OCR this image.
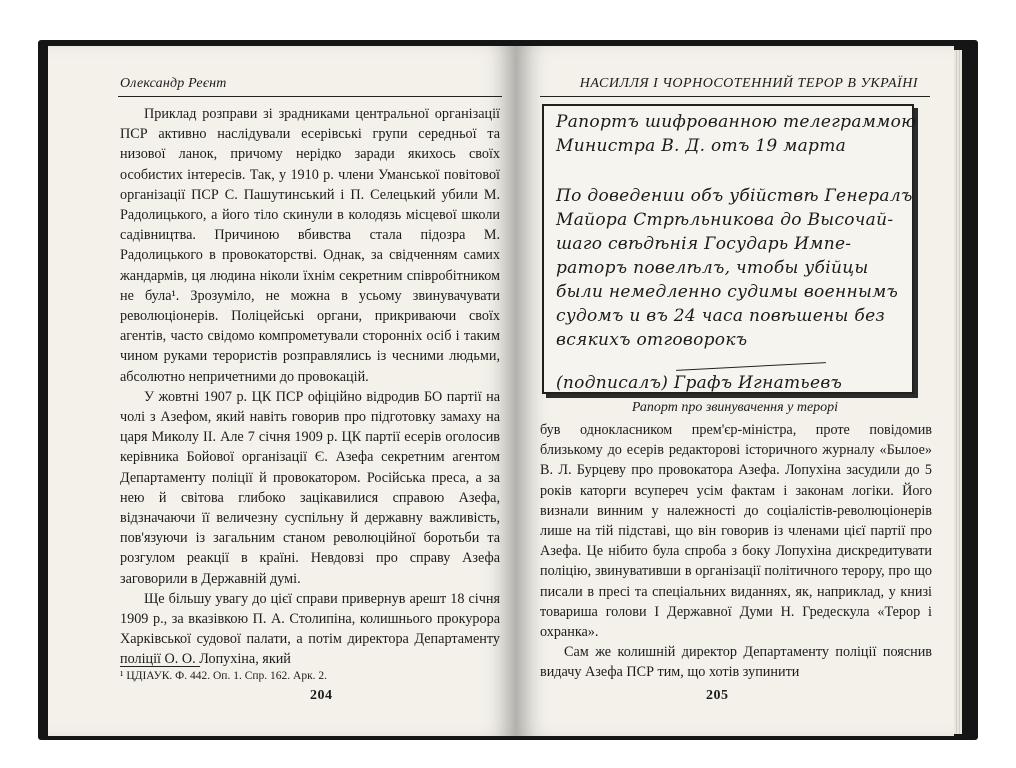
Олександр Реєнт

Приклад розправи зі зрадниками центральної організації ПСР активно наслідували есерівські групи середньої та низової ланок, причому нерідко заради якихось своїх особистих інтересів. Так, у 1910 р. члени Уманської повітової організації ПСР С. Пашутинський і П. Селецький убили М. Радолицького, а його тіло скинули в колодязь місцевої школи садівництва. Причиною вбивства стала підозра М. Радолицького в провокаторстві. Однак, за свідченням самих жандармів, ця людина ніколи їхнім секретним співробітником не була¹. Зрозуміло, не можна в усьому звинувачувати революціонерів. Поліцейські органи, прикриваючи своїх агентів, часто свідомо компрометували сторонніх осіб і таким чином руками терористів розправлялись із чесними людьми, абсолютно непричетними до провокацій.

У жовтні 1907 р. ЦК ПСР офіційно відродив БО партії на чолі з Азефом, який навіть говорив про підготовку замаху на царя Миколу ІІ. Але 7 січня 1909 р. ЦК партії есерів оголосив керівника Бойової організації Є. Азефа секретним агентом Департаменту поліції й провокатором. Російська преса, а за нею й світова глибоко зацікавилися справою Азефа, відзначаючи її величезну суспільну й державну важливість, пов'язуючи із загальним станом революційної боротьби та розгулом реакції в країні. Невдовзі про справу Азефа заговорили в Державній думі.

Ще більшу увагу до цієї справи привернув арешт 18 січня 1909 р., за вказівкою П. А. Столипіна, колишнього прокурора Харківської судової палати, а потім директора Департаменту поліції О. О. Лопухіна, який

¹ ЦДІАУК. Ф. 442. Оп. 1. Спр. 162. Арк. 2.
204
НАСИЛЛЯ І ЧОРНОСОТЕННИЙ ТЕРОР В УКРАЇНІ
Рапортъ шифрованною телеграммою
Министра В. Д. отъ 19 марта
По доведении объ убійствѣ Генералъ
Майора Стрѣльникова до Высочай-
шаго свѣдѣнія Государь Импе-
раторъ повелѣлъ, чтобы убійцы
были немедленно судимы военнымъ
судомъ и въ 24 часа повѣшены без
всякихъ отговорокъ
(подписалъ) Графъ Игнатьевъ
Рапорт про звинувачення у терорі

був однокласником прем'єр-міністра, проте повідомив близькому до есерів редакторові історичного журналу «Былое» В. Л. Бурцеву про провокатора Азефа. Лопухіна засудили до 5 років каторги всупереч усім фактам і законам логіки. Його визнали винним у належності до соціалістів-революціонерів лише на тій підставі, що він говорив із членами цієї партії про Азефа. Це нібито була спроба з боку Лопухіна дискредитувати поліцію, звинувативши в організації політичного терору, про що писали в пресі та спеціальних виданнях, як, наприклад, у книзі товариша голови І Державної Думи Н. Гредескула «Терор і охранка».

Сам же колишній директор Департаменту поліції пояснив видачу Азефа ПСР тим, що хотів зупинити

205
